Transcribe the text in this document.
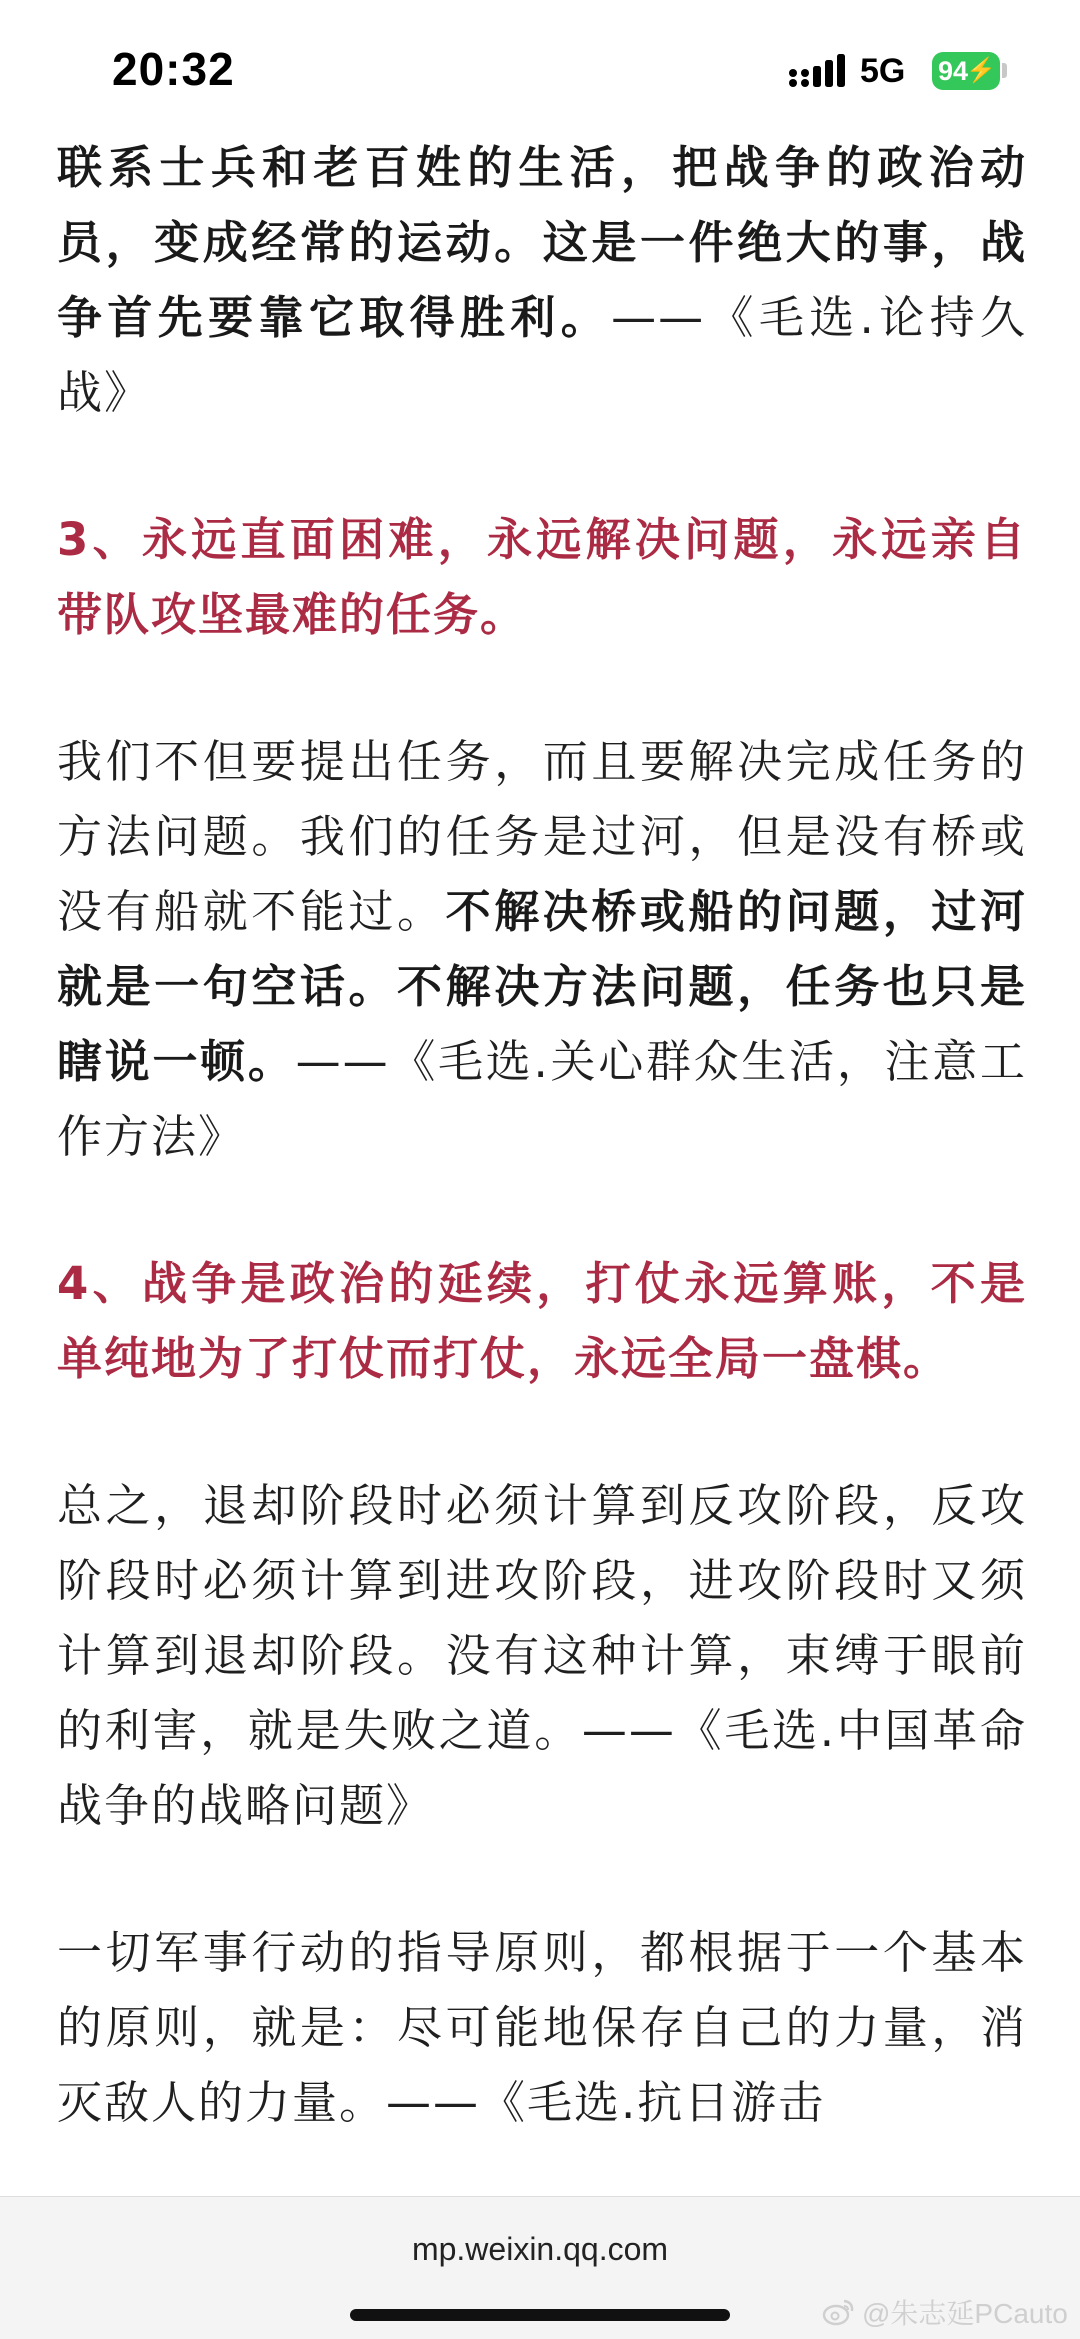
20:32	5G 94
⚡

联系士兵和老百姓的生活，把战争的政治动员，变成经常的运动。这是一件绝大的事，战争首先要靠它取得胜利。——《毛选.论持久战》

3、永远直面困难，永远解决问题，永远亲自带队攻坚最难的任务。

我们不但要提出任务，而且要解决完成任务的方法问题。我们的任务是过河，但是没有桥或没有船就不能过。不解决桥或船的问题，过河就是一句空话。不解决方法问题，任务也只是瞎说一顿。——《毛选.关心群众生活，注意工作方法》

4、战争是政治的延续，打仗永远算账，不是单纯地为了打仗而打仗，永远全局一盘棋。

总之，退却阶段时必须计算到反攻阶段，反攻阶段时必须计算到进攻阶段，进攻阶段时又须计算到退却阶段。没有这种计算，束缚于眼前的利害，就是失败之道。——《毛选.中国革命战争的战略问题》

一切军事行动的指导原则，都根据于一个基本的原则，就是：尽可能地保存自己的力量，消灭敌人的力量。——《毛选.抗日游击

mp.weixin.qq.com
@朱志延PCauto
